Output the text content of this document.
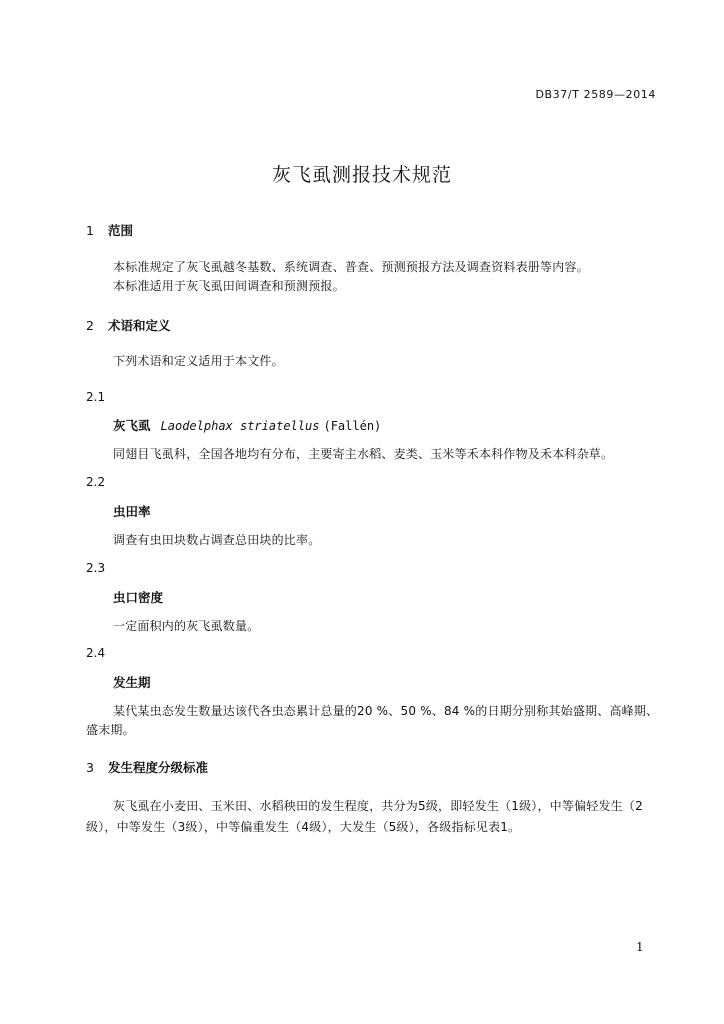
DB37/T 2589—2014
灰飞虱测报技术规范
1 范围
本标准规定了灰飞虱越冬基数、系统调查、普查、预测预报方法及调查资料表册等内容。
本标准适用于灰飞虱田间调查和预测预报。
2 术语和定义
下列术语和定义适用于本文件。
2.1
灰飞虱 Laodelphax striatellus (Fallén)
同翅目飞虱科，全国各地均有分布，主要寄主水稻、麦类、玉米等禾本科作物及禾本科杂草。
2.2
虫田率
调查有虫田块数占调查总田块的比率。
2.3
虫口密度
一定面积内的灰飞虱数量。
2.4
发生期
某代某虫态发生数量达该代各虫态累计总量的20 %、50 %、84 %的日期分别称其始盛期、高峰期、
盛末期。
3 发生程度分级标准
灰飞虱在小麦田、玉米田、水稻秧田的发生程度，共分为5级，即轻发生（1级），中等偏轻发生（2
级），中等发生（3级），中等偏重发生（4级），大发生（5级），各级指标见表1。
1
